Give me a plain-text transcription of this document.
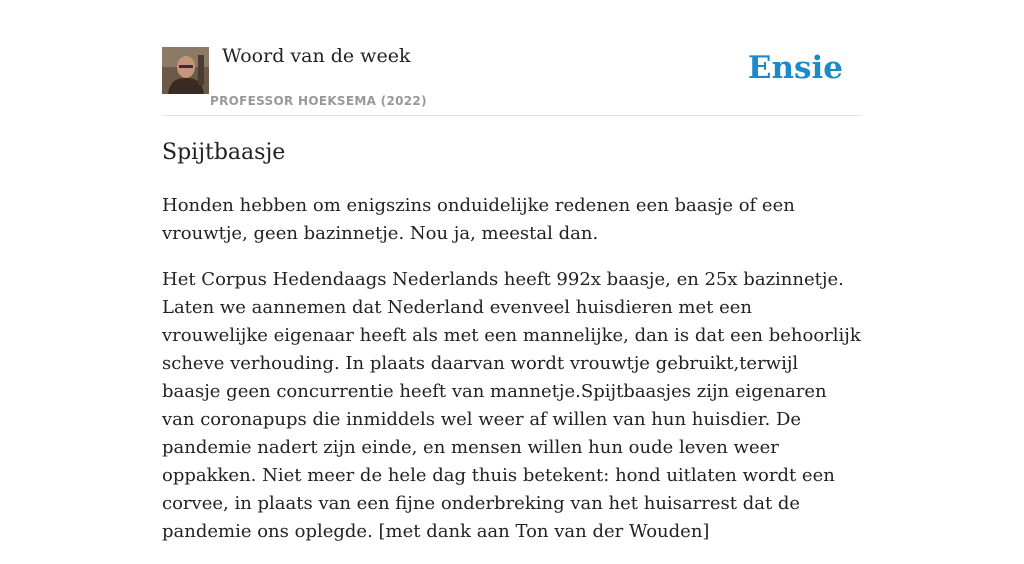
Woord van de week
PROFESSOR HOEKSEMA (2022)
Ensie
Spijtbaasje

Honden hebben om enigszins onduidelijke redenen een baasje of een vrouwtje, geen bazinnetje. Nou ja, meestal dan.

Het Corpus Hedendaags Nederlands heeft 992x baasje, en 25x bazinnetje. Laten we aannemen dat Nederland evenveel huisdieren met een vrouwelijke eigenaar heeft als met een mannelijke, dan is dat een behoorlijk scheve verhouding. In plaats daarvan wordt vrouwtje gebruikt,terwijl baasje geen concurrentie heeft van mannetje.Spijtbaasjes zijn eigenaren van coronapups die inmiddels wel weer af willen van hun huisdier. De pandemie nadert zijn einde, en mensen willen hun oude leven weer oppakken. Niet meer de hele dag thuis betekent: hond uitlaten wordt een corvee, in plaats van een fijne onderbreking van het huisarrest dat de pandemie ons oplegde. [met dank aan Ton van der Wouden]
